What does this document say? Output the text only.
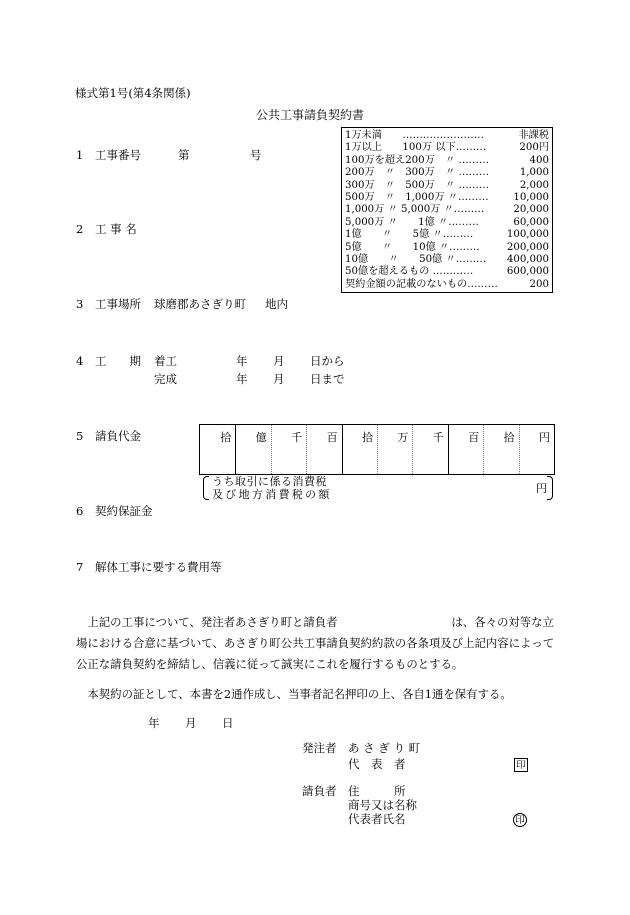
様式第1号(第4条関係)
公共工事請負契約書
1 工事番号	第	号
2 工 事 名
1万未満　　……………………	非課税
1万以上　　100万 以下………	200円
100万を超え200万　〃 ………	400
200万　〃　300万　〃 ………	1,000
300万　〃　500万　〃 ………	2,000
500万　〃　1,000万 〃……… 10,000
1,000万 〃 5,000万 〃………	20,000
5,000万 〃　　1億 〃………	60,000
1億　　〃　　5億 〃………	100,000
5億　　〃　　10億 〃………	200,000
10億　　〃　　50億 〃……… 400,000
50億を超えるもの …………	600,000
契約金額の記載のないもの………	200
3 工事場所 球磨郡あさぎり町 地内
4 工　　期 着工	年 月 日から
完成	年 月 日まで
5 請負代金	拾 億 千 百 拾 万 千 百 拾 円
うち取引に係る消費税
及び地方消費税の額	円
6 契約保証金
7 解体工事に要する費用等

　上記の工事について、発注者あさぎり町と請負者　　　　　　　　　　は、各々の対等な立場における合意に基づいて、あさぎり町公共工事請負契約約款の各条項及び上記内容によって公正な請負契約を締結し、信義に従って誠実にこれを履行するものとする。

　本契約の証として、本書を2通作成し、当事者記名押印の上、各自1通を保有する。

年 月 日
発注者 あ さ ぎ り 町
代　表　者	印
請負者 住　　　所
商号又は名称
代表者氏名	印
